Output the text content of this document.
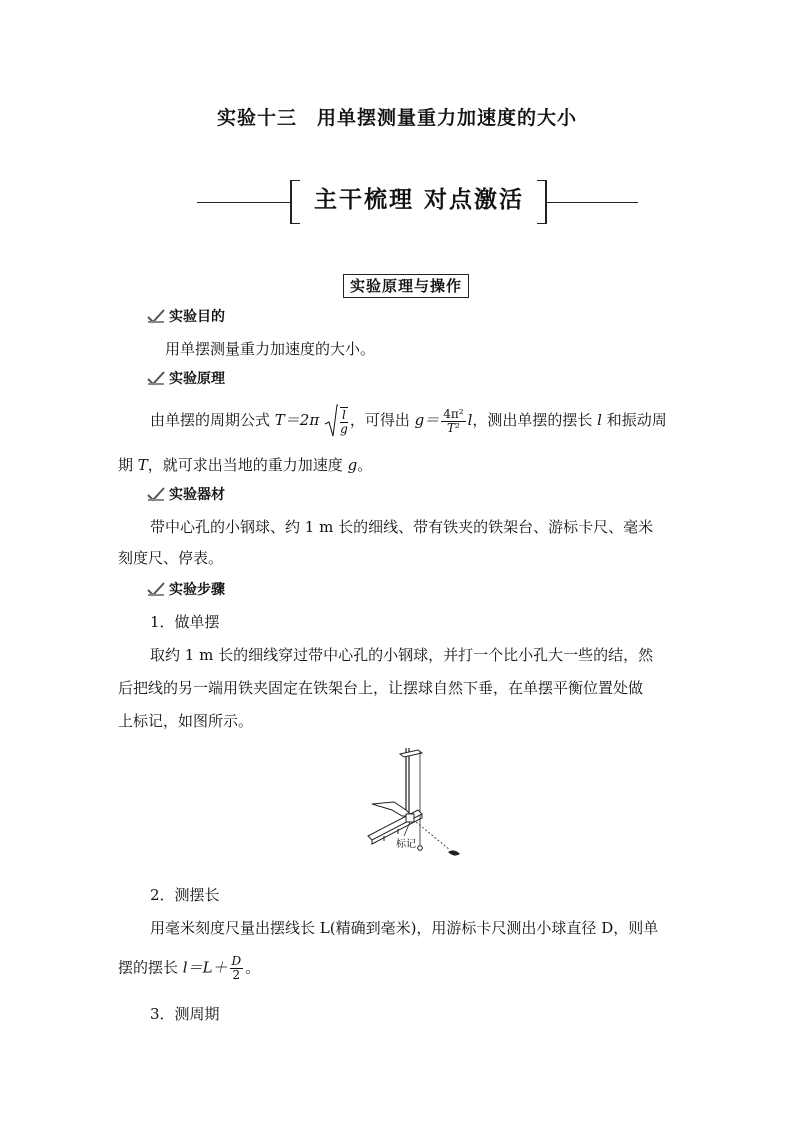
实验十三　用单摆测量重力加速度的大小
主干梳理 对点激活
实验原理与操作
实验目的
用单摆测量重力加速度的大小。
实验原理
由单摆的周期公式 $T=2\pi \frac{l}{g}$ ，可得出 $g= \frac{\text{4π²}}{\text{T²}}$ l，测出单摆的摆长 l 和振动周
期 T，就可求出当地的重力加速度 g。
实验器材
带中心孔的小钢球、约 1 m 长的细线、带有铁夹的铁架台、游标卡尺、毫米
刻度尺、停表。
实验步骤
1．做单摆
取约 1 m 长的细线穿过带中心孔的小钢球，并打一个比小孔大一些的结，然
后把线的另一端用铁夹固定在铁架台上，让摆球自然下垂，在单摆平衡位置处做
上标记，如图所示。
标记
2．测摆长
用毫米刻度尺量出摆线长 L(精确到毫米)，用游标卡尺测出小球直径 D，则单
摆的摆长 $l=L+ \frac{D}{2}$ 。
3．测周期
